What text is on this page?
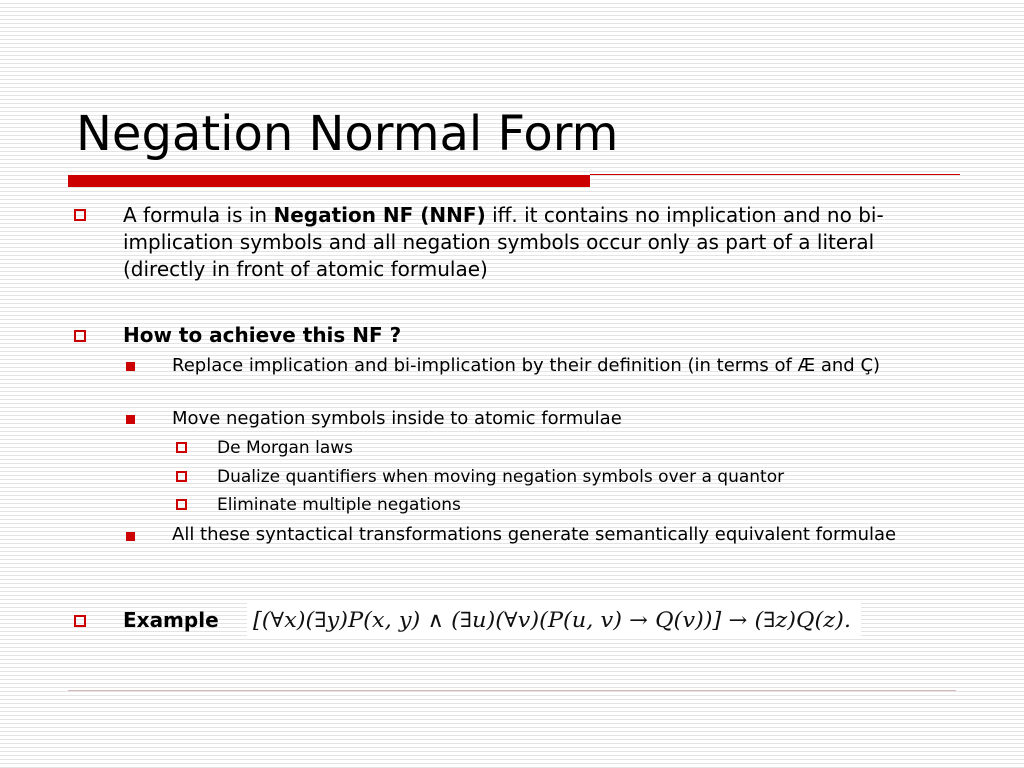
Negation Normal Form
A formula is in Negation NF (NNF) iff. it contains no implication and no bi-implication symbols and all negation symbols occur only as part of a literal (directly in front of atomic formulae)
How to achieve this NF ?
Replace implication and bi-implication by their definition (in terms of Æ and Ç)
Move negation symbols inside to atomic formulae
De Morgan laws
Dualize quantifiers when moving negation symbols over a quantor
Eliminate multiple negations
All these syntactical transformations generate semantically equivalent formulae
Example [(∀x)(∃y)P(x, y) ∧ (∃u)(∀v)(P(u, v) → Q(v))] → (∃z)Q(z).
